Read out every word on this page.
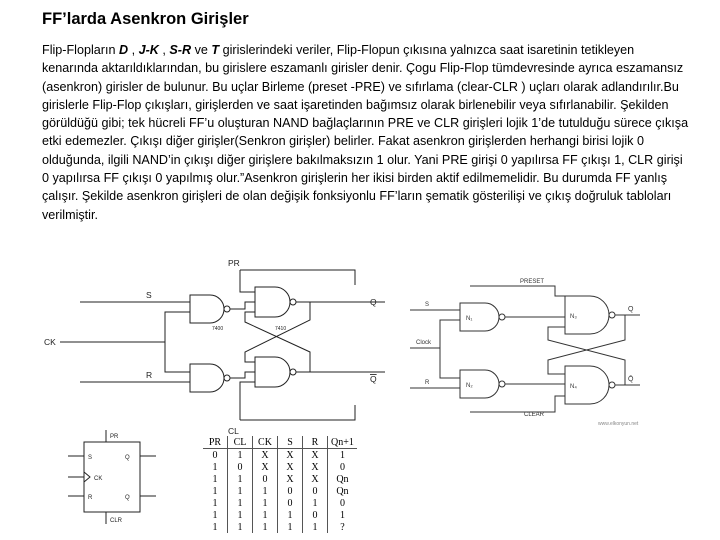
FF’larda Asenkron Girişler

Flip-Flopların D , J-K , S-R ve T girislerindeki veriler, Flip-Flopun çıkısına yalnızca saat isaretinin tetikleyen kenarında aktarıldıklarından, bu girislere eszamanlı girisler denir. Çogu Flip-Flop tümdevresinde ayrıca eszamansız (asenkron) girisler de bulunur. Bu uçlar Birleme (preset -PRE) ve sıfırlama (clear-CLR ) uçları olarak adlandırılır.Bu girislerle Flip-Flop çıkışları, girişlerden ve saat işaretinden bağımsız olarak birlenebilir veya sıfırlanabilir. Şekilden görüldüğü gibi; tek hücreli FF’u oluşturan NAND bağlaçlarının PRE ve CLR girişleri lojik 1’de tutulduğu sürece çıkışa etki edemezler. Çıkışı diğer girişler(Senkron girişler) belirler. Fakat asenkron girişlerden herhangi birisi lojik 0 olduğunda, ilgili NAND’in çıkışı diğer girişlere bakılmaksızın 1 olur. Yani PRE girişi 0 yapılırsa FF çıkışı 1, CLR girişi 0 yapılırsa FF çıkışı 0 yapılmış olur.”Asenkron girişlerin her ikisi birden aktif edilmemelidir. Bu durumda FF yanlış çalışır. Şekilde asenkron girişleri de olan değişik fonksiyonlu FF’ların şematik gösterilişi ve çıkış doğruluk tabloları verilmiştir.

PR
S
CK
R
CL
Q
Q
7400	7410
PRESET
S
N₁	N₃
Clock
R	N₂	N₄
CLEAR
Q
Q̄
www.elkonyun.net
PR
S
CK
R
CLR
Q
Q
PR	CL	CK	S	R	Qn+1
0	1	X	X	X	1
1	0	X	X	X	0
1	1	0	X	X	Qn
1	1	1	0	0	Qn
1	1	1	0	1	0
1	1	1	1	0	1
1	1	1	1	1	?
